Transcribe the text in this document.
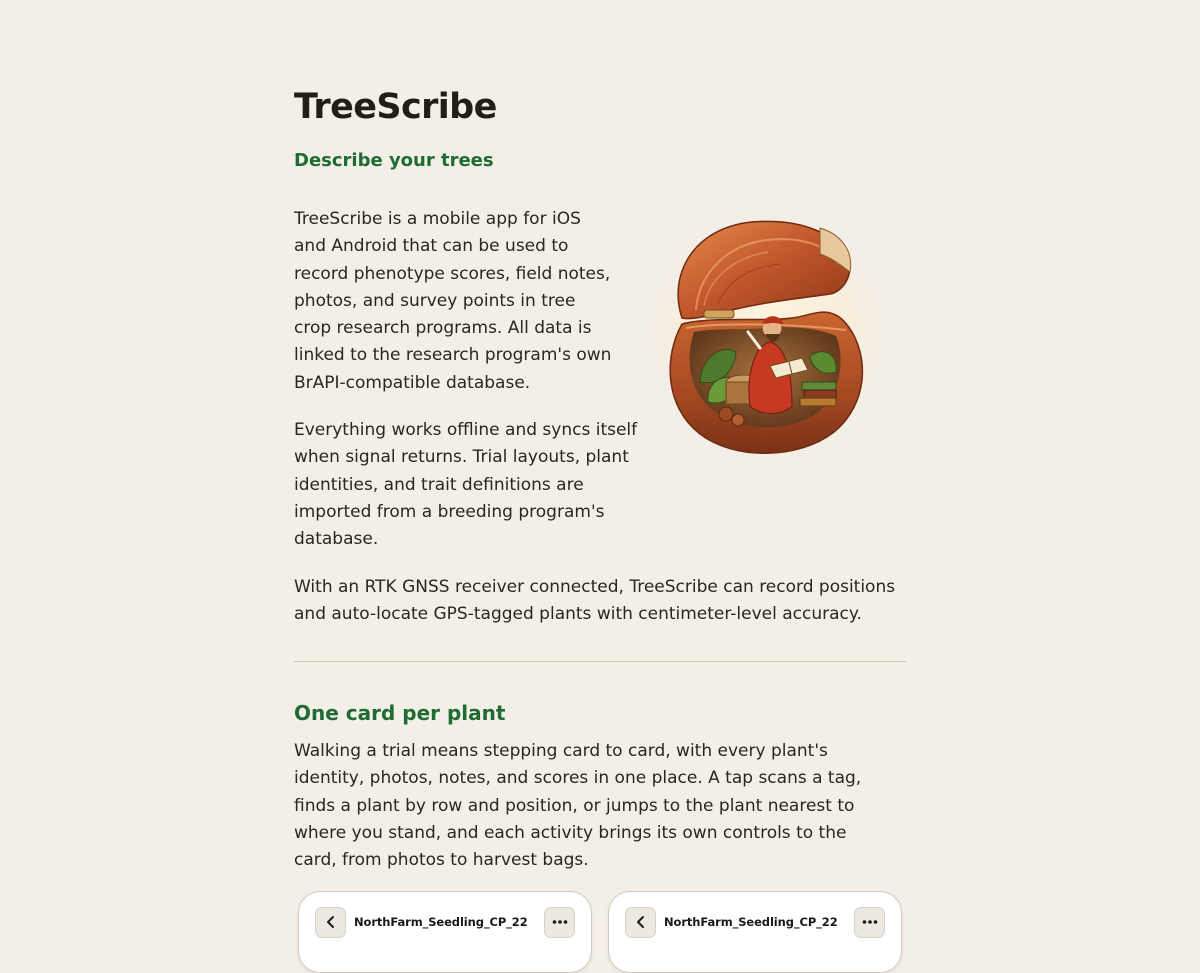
TreeScribe

Describe your trees

TreeScribe is a mobile app for iOS and Android that can be used to record phenotype scores, field notes, photos, and survey points in tree crop research programs. All data is linked to the research program's own BrAPI-compatible database.

Everything works offline and syncs itself when signal returns. Trial layouts, plant identities, and trait definitions are imported from a breeding program's database.

With an RTK GNSS receiver connected, TreeScribe can record positions and auto-locate GPS-tagged plants with centimeter-level accuracy.

One card per plant

Walking a trial means stepping card to card, with every plant's identity, photos, notes, and scores in one place. A tap scans a tag, finds a plant by row and position, or jumps to the plant nearest to where you stand, and each activity brings its own controls to the card, from photos to harvest bags.

NorthFarm_Seedling_CP_22	NorthFarm_Seedling_CP_22
